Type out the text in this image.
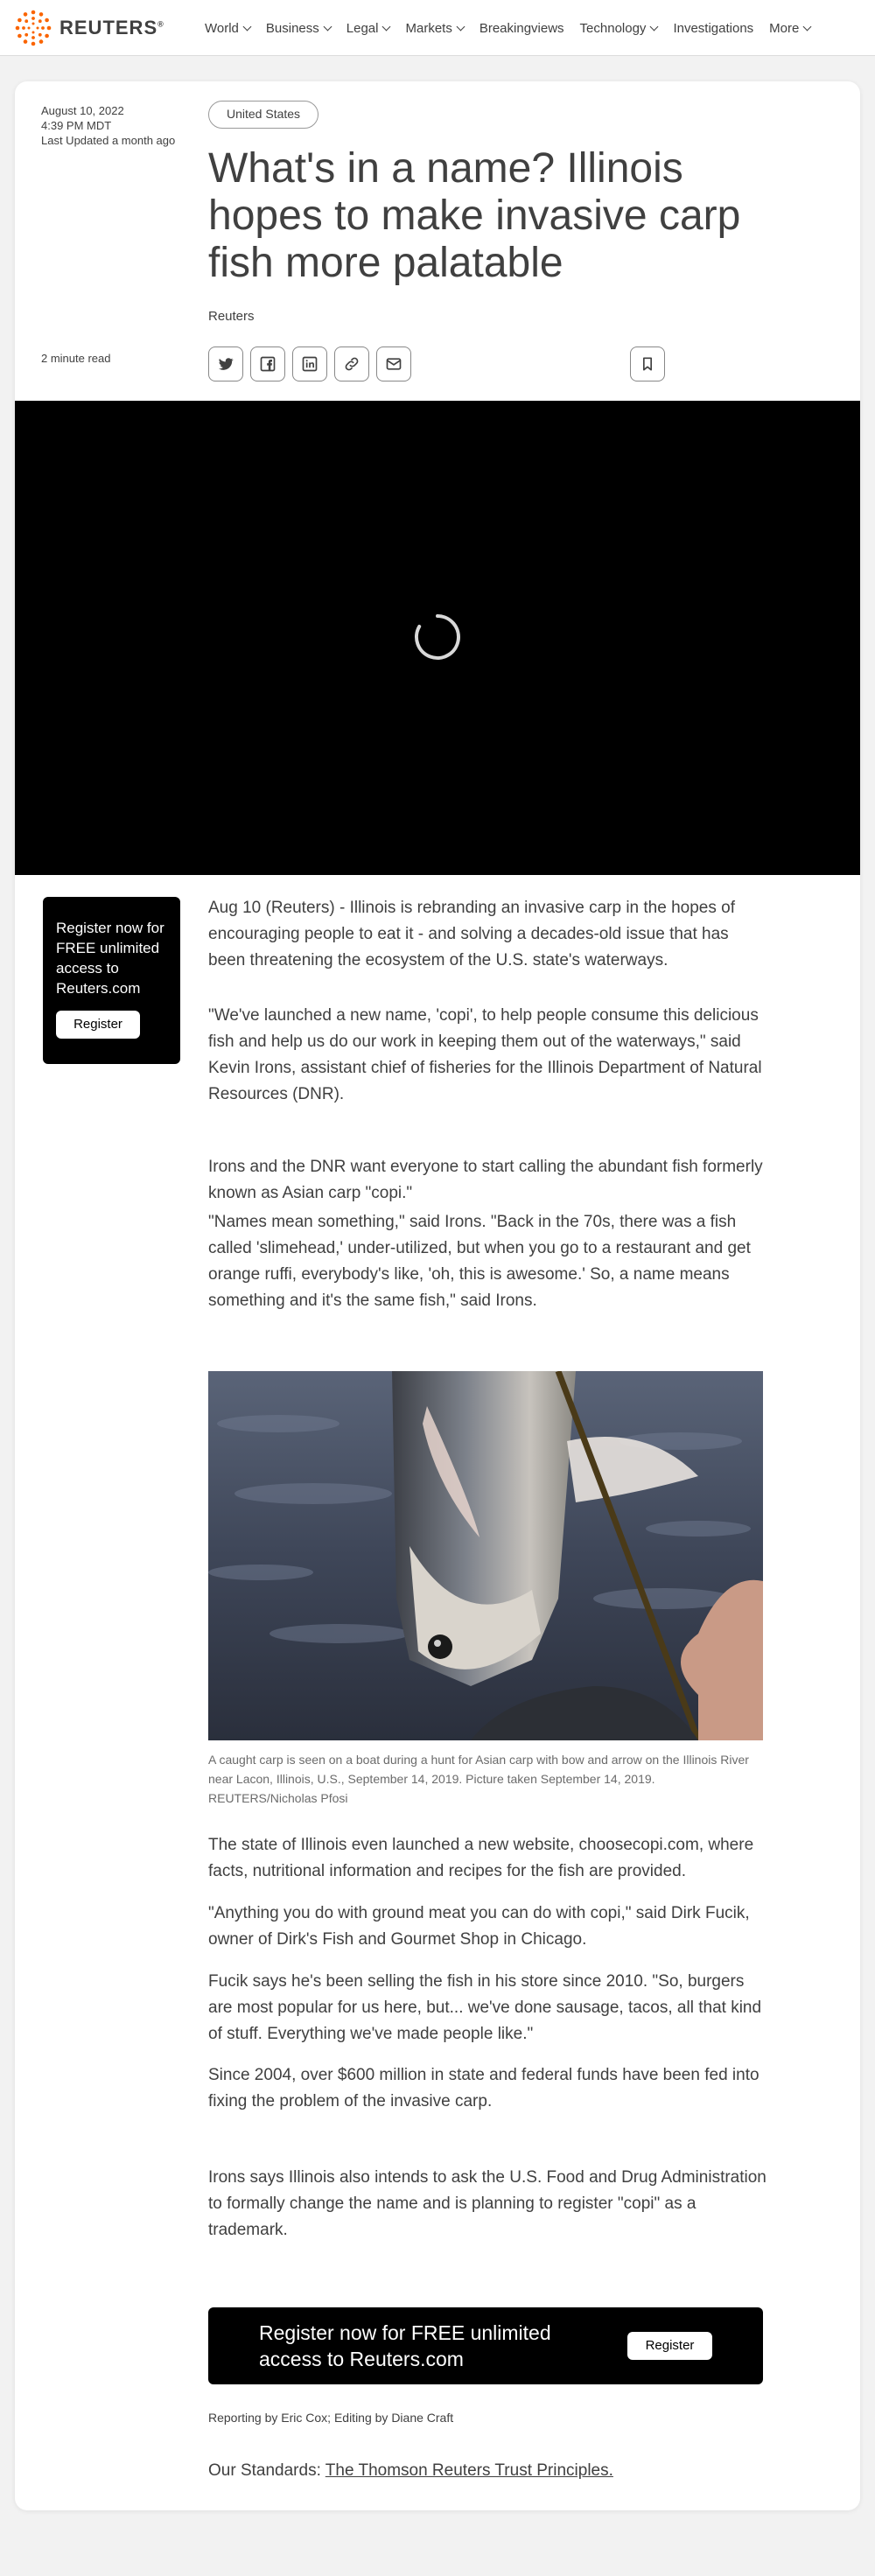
REUTERS®	World Business Legal Markets Breakingviews Technology Investigations More
August 10, 2022
4:39 PM MDT
Last Updated a month ago
United States
What's in a name? Illinois hopes to make invasive carp fish more palatable
Reuters
2 minute read
Register now for FREE unlimited access to Reuters.com
Register

Aug 10 (Reuters) - Illinois is rebranding an invasive carp in the hopes of encouraging people to eat it - and solving a decades-old issue that has been threatening the ecosystem of the U.S. state's waterways.

"We've launched a new name, 'copi', to help people consume this delicious fish and help us do our work in keeping them out of the waterways," said Kevin Irons, assistant chief of fisheries for the Illinois Department of Natural Resources (DNR).

Irons and the DNR want everyone to start calling the abundant fish formerly known as Asian carp "copi."

"Names mean something," said Irons. "Back in the 70s, there was a fish called 'slimehead,' under-utilized, but when you go to a restaurant and get orange ruffi, everybody's like, 'oh, this is awesome.' So, a name means something and it's the same fish," said Irons.

A caught carp is seen on a boat during a hunt for Asian carp with bow and arrow on the Illinois River near Lacon, Illinois, U.S., September 14, 2019. Picture taken September 14, 2019. REUTERS/Nicholas Pfosi

The state of Illinois even launched a new website, choosecopi.com, where facts, nutritional information and recipes for the fish are provided.

"Anything you do with ground meat you can do with copi," said Dirk Fucik, owner of Dirk's Fish and Gourmet Shop in Chicago.

Fucik says he's been selling the fish in his store since 2010. "So, burgers are most popular for us here, but... we've done sausage, tacos, all that kind of stuff. Everything we've made people like."

Since 2004, over $600 million in state and federal funds have been fed into fixing the problem of the invasive carp.

Irons says Illinois also intends to ask the U.S. Food and Drug Administration to formally change the name and is planning to register "copi" as a trademark.

Register now for FREE unlimited access to Reuters.com
Register
Reporting by Eric Cox; Editing by Diane Craft
Our Standards: The Thomson Reuters Trust Principles.
